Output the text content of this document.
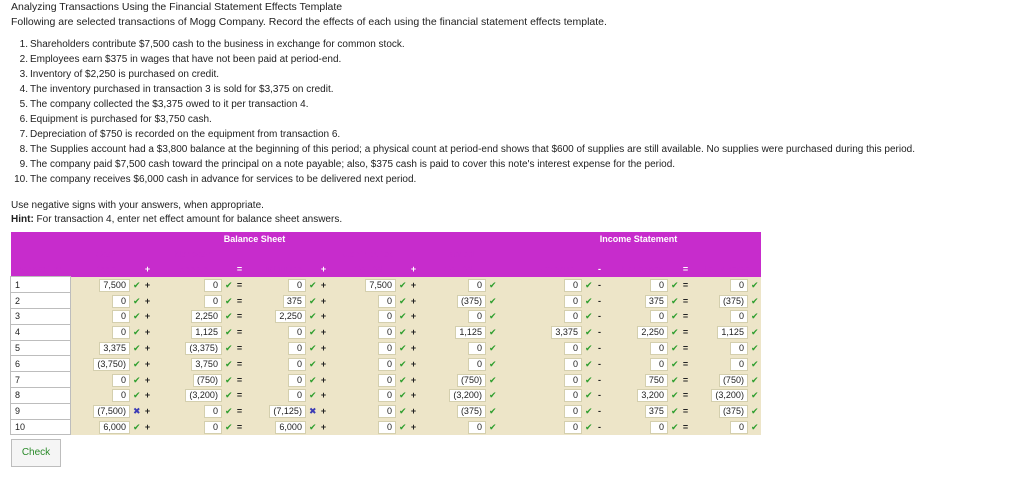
Analyzing Transactions Using the Financial Statement Effects Template
Following are selected transactions of Mogg Company. Record the effects of each using the financial statement effects template.
1. Shareholders contribute $7,500 cash to the business in exchange for common stock.
2. Employees earn $375 in wages that have not been paid at period-end.
3. Inventory of $2,250 is purchased on credit.
4. The inventory purchased in transaction 3 is sold for $3,375 on credit.
5. The company collected the $3,375 owed to it per transaction 4.
6. Equipment is purchased for $3,750 cash.
7. Depreciation of $750 is recorded on the equipment from transaction 6.
8. The Supplies account had a $3,800 balance at the beginning of this period; a physical count at period-end shows that $600 of supplies are still available. No supplies were purchased during this period.
9. The company paid $7,500 cash toward the principal on a note payable; also, $375 cash is paid to cover this note's interest expense for the period.
10. The company receives $6,000 cash in advance for services to be delivered next period.
Use negative signs with your answers, when appropriate.
Hint: For transaction 4, enter net effect amount for balance sheet answers.
Balance Sheet											Income Statement				
	Cash		Noncash				Contributed		Earned						
Transaction	Asset	+	Assets	=	Liabilities	+	Capital	+	Capital		Revenue	-	Expenses	=	Net Income
1	7,500 ✔	+	0 ✔	=	0 ✔	+	7,500 ✔	+	0 ✔		0 ✔	-	0 ✔	=	0 ✔
2	0 ✔	+	0 ✔	=	375 ✔	+	0 ✔	+	(375) ✔		0 ✔	-	375 ✔	=	(375) ✔
3	0 ✔	+	2,250 ✔	=	2,250 ✔	+	0 ✔	+	0 ✔		0 ✔	-	0 ✔	=	0 ✔
4	0 ✔	+	1,125 ✔	=	0 ✔	+	0 ✔	+	1,125 ✔		3,375 ✔	-	2,250 ✔	=	1,125 ✔
5	3,375 ✔	+	(3,375) ✔	=	0 ✔	+	0 ✔	+	0 ✔		0 ✔	-	0 ✔	=	0 ✔
6	(3,750) ✔	+	3,750 ✔	=	0 ✔	+	0 ✔	+	0 ✔		0 ✔	-	0 ✔	=	0 ✔
7	0 ✔	+	(750) ✔	=	0 ✔	+	0 ✔	+	(750) ✔		0 ✔	-	750 ✔	=	(750) ✔
8	0 ✔	+	(3,200) ✔	=	0 ✔	+	0 ✔	+	(3,200) ✔		0 ✔	-	3,200 ✔	=	(3,200) ✔
9	(7,500) ✖	+	0 ✔	=	(7,125) ✖	+	0 ✔	+	(375) ✔		0 ✔	-	375 ✔	=	(375) ✔
10	6,000 ✔	+	0 ✔	=	6,000 ✔	+	0 ✔	+	0 ✔		0 ✔	-	0 ✔	=	0 ✔
Check
